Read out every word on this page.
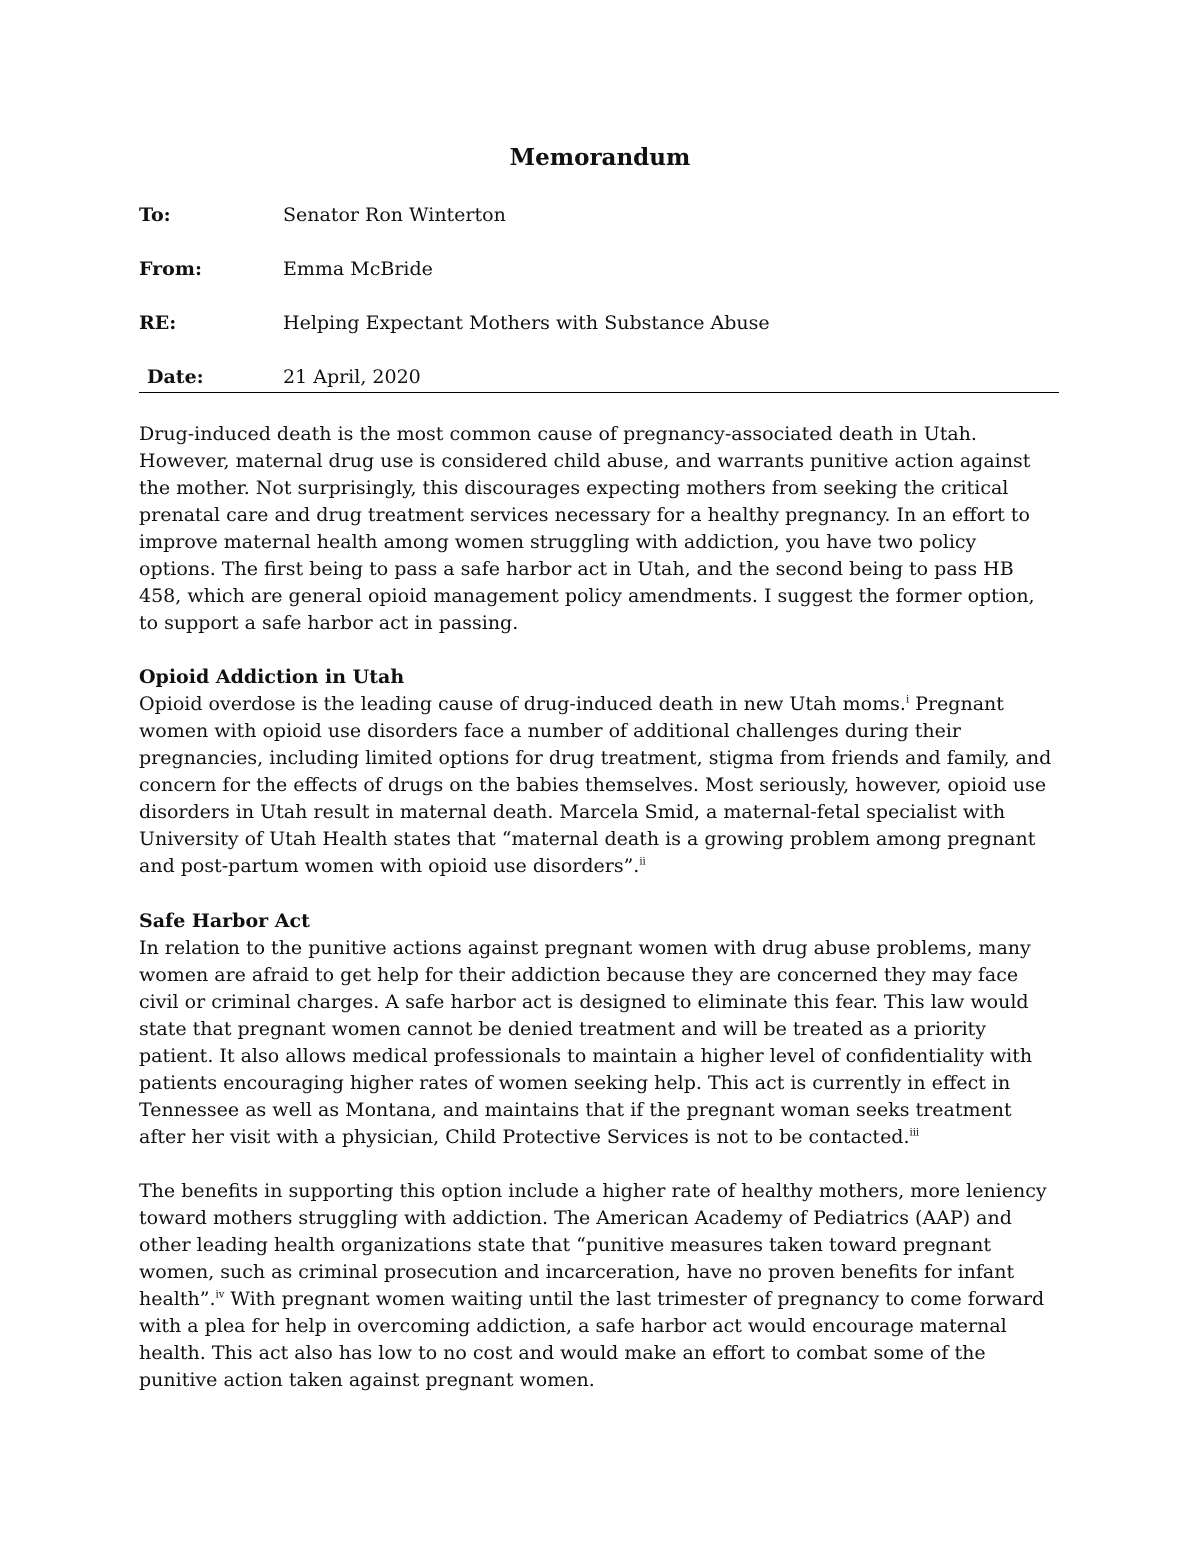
Memorandum
To:	Senator Ron Winterton
From:	Emma McBride
RE:	Helping Expectant Mothers with Substance Abuse
Date:	21 April, 2020

Drug-induced death is the most common cause of pregnancy-associated death in Utah. However, maternal drug use is considered child abuse, and warrants punitive action against the mother. Not surprisingly, this discourages expecting mothers from seeking the critical prenatal care and drug treatment services necessary for a healthy pregnancy. In an effort to improve maternal health among women struggling with addiction, you have two policy options. The first being to pass a safe harbor act in Utah, and the second being to pass HB 458, which are general opioid management policy amendments. I suggest the former option, to support a safe harbor act in passing.

Opioid Addiction in Utah

Opioid overdose is the leading cause of drug-induced death in new Utah moms.$^i$ Pregnant women with opioid use disorders face a number of additional challenges during their pregnancies, including limited options for drug treatment, stigma from friends and family, and concern for the effects of drugs on the babies themselves. Most seriously, however, opioid use disorders in Utah result in maternal death. Marcela Smid, a maternal-fetal specialist with University of Utah Health states that “maternal death is a growing problem among pregnant and post-partum women with opioid use disorders”.$^{ii}$

Safe Harbor Act

In relation to the punitive actions against pregnant women with drug abuse problems, many women are afraid to get help for their addiction because they are concerned they may face civil or criminal charges. A safe harbor act is designed to eliminate this fear. This law would state that pregnant women cannot be denied treatment and will be treated as a priority patient. It also allows medical professionals to maintain a higher level of confidentiality with patients encouraging higher rates of women seeking help. This act is currently in effect in Tennessee as well as Montana, and maintains that if the pregnant woman seeks treatment after her visit with a physician, Child Protective Services is not to be contacted.$^{iii}$

The benefits in supporting this option include a higher rate of healthy mothers, more leniency toward mothers struggling with addiction. The American Academy of Pediatrics (AAP) and other leading health organizations state that “punitive measures taken toward pregnant women, such as criminal prosecution and incarceration, have no proven benefits for infant health”.$^{iv}$ With pregnant women waiting until the last trimester of pregnancy to come forward with a plea for help in overcoming addiction, a safe harbor act would encourage maternal health. This act also has low to no cost and would make an effort to combat some of the punitive action taken against pregnant women.
